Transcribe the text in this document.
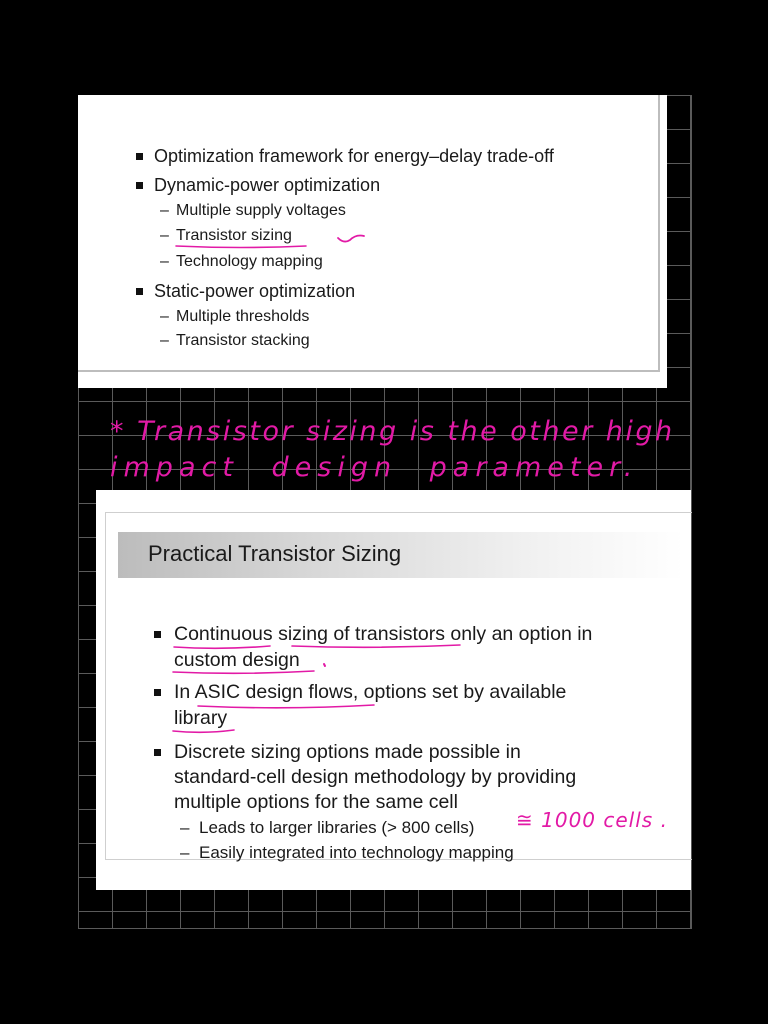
Optimization framework for energy–delay trade-off
Dynamic-power optimization
– Multiple supply voltages
– Transistor sizing
– Technology mapping
Static-power optimization
– Multiple thresholds
– Transistor stacking
Practical Transistor Sizing
Continuous sizing of transistors only an option in
custom design
In ASIC design flows, options set by available
library
Discrete sizing options made possible in
standard-cell design methodology by providing
multiple options for the same cell
– Leads to larger libraries (> 800 cells)
– Easily integrated into technology mapping
* Transistor sizing is the other high
impact design parameter.
≅ 1000 cells .
